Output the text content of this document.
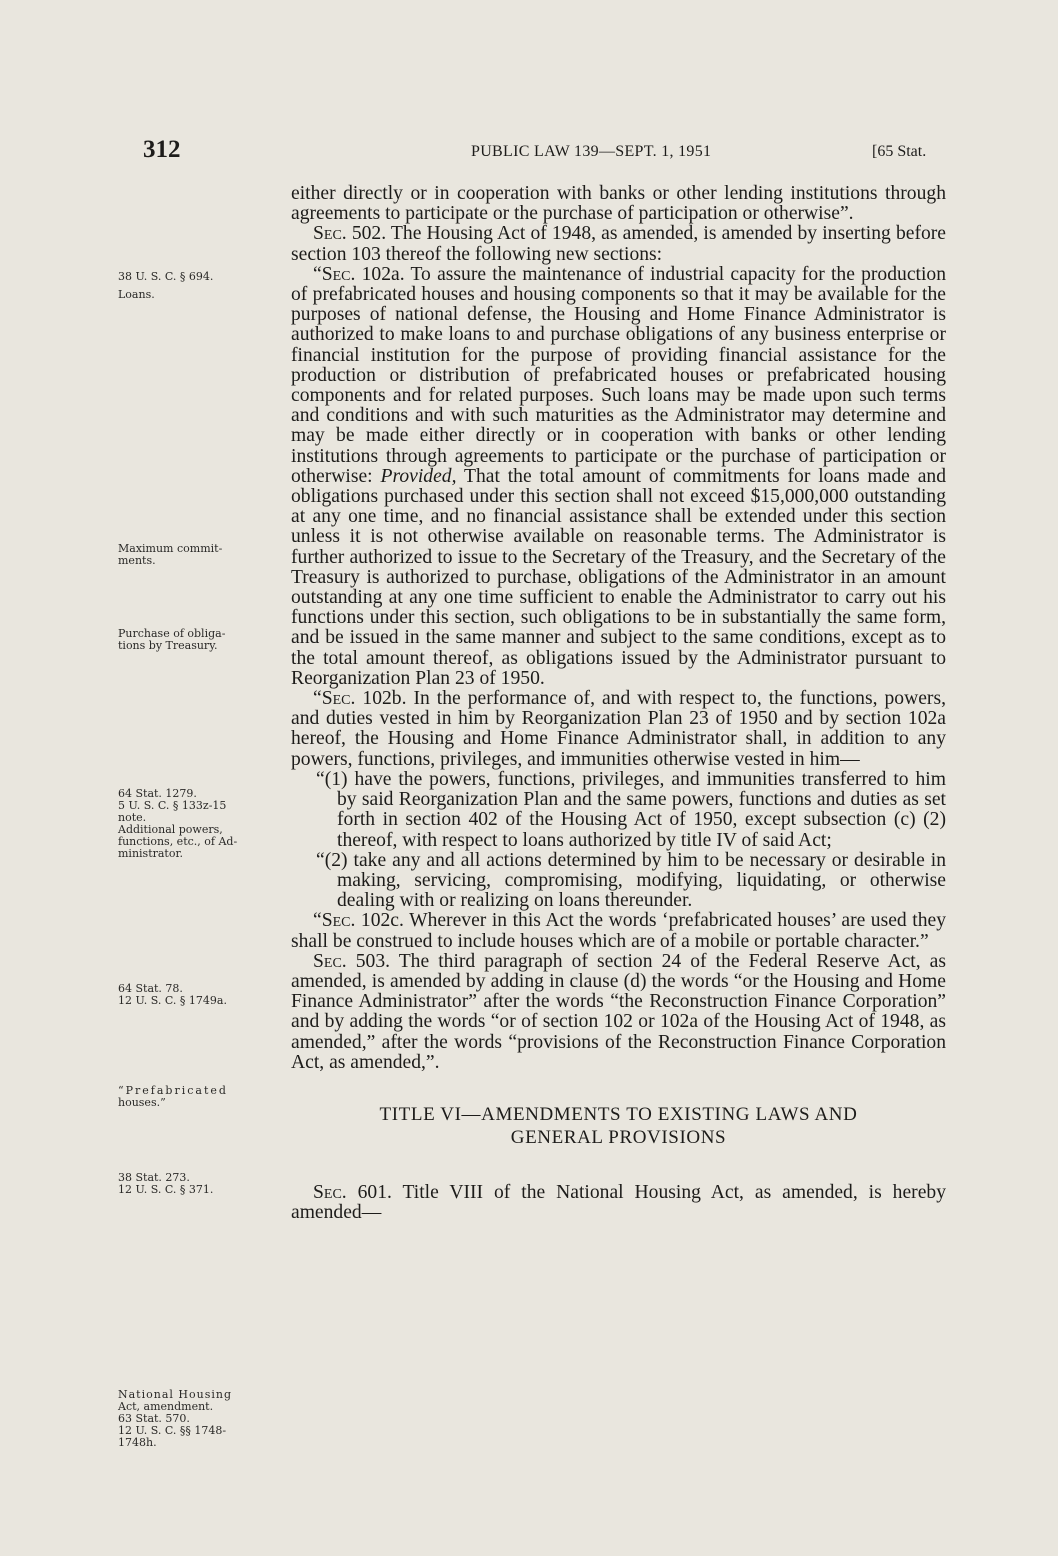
312	PUBLIC LAW 139—SEPT. 1, 1951	[65 Stat.
38 U. S. C. § 694.
Loans.
Maximum commit-
ments.
Purchase of obliga-
tions by Treasury.
64 Stat. 1279.
5 U. S. C. § 133z-15
note.
Additional powers,
functions, etc., of Ad-
ministrator.
64 Stat. 78.
12 U. S. C. § 1749a.
“Prefabricated
houses.”
38 Stat. 273.
12 U. S. C. § 371.
National Housing
Act, amendment.
63 Stat. 570.
12 U. S. C. §§ 1748-
1748h.

either directly or in cooperation with banks or other lending institutions through agreements to participate or the purchase of participation or otherwise”.

Sec. 502. The Housing Act of 1948, as amended, is amended by inserting before section 103 thereof the following new sections:

“Sec. 102a. To assure the maintenance of industrial capacity for the production of prefabricated houses and housing components so that it may be available for the purposes of national defense, the Housing and Home Finance Administrator is authorized to make loans to and purchase obligations of any business enterprise or financial institution for the purpose of providing financial assistance for the production or distribution of prefabricated houses or prefabricated housing components and for related purposes. Such loans may be made upon such terms and conditions and with such maturities as the Administrator may determine and may be made either directly or in cooperation with banks or other lending institutions through agreements to participate or the purchase of participation or otherwise: Provided, That the total amount of commitments for loans made and obligations purchased under this section shall not exceed $15,000,000 outstanding at any one time, and no financial assistance shall be extended under this section unless it is not otherwise available on reasonable terms. The Administrator is further authorized to issue to the Secretary of the Treasury, and the Secretary of the Treasury is authorized to purchase, obligations of the Administrator in an amount outstanding at any one time sufficient to enable the Administrator to carry out his functions under this section, such obligations to be in substantially the same form, and be issued in the same manner and subject to the same conditions, except as to the total amount thereof, as obligations issued by the Administrator pursuant to Reorganization Plan 23 of 1950.

“Sec. 102b. In the performance of, and with respect to, the functions, powers, and duties vested in him by Reorganization Plan 23 of 1950 and by section 102a hereof, the Housing and Home Finance Administrator shall, in addition to any powers, functions, privileges, and immunities otherwise vested in him—

“(1) have the powers, functions, privileges, and immunities transferred to him by said Reorganization Plan and the same powers, functions and duties as set forth in section 402 of the Housing Act of 1950, except subsection (c) (2) thereof, with respect to loans authorized by title IV of said Act;

“(2) take any and all actions determined by him to be necessary or desirable in making, servicing, compromising, modifying, liquidating, or otherwise dealing with or realizing on loans thereunder.

“Sec. 102c. Wherever in this Act the words ‘prefabricated houses’ are used they shall be construed to include houses which are of a mobile or portable character.”

Sec. 503. The third paragraph of section 24 of the Federal Reserve Act, as amended, is amended by adding in clause (d) the words “or the Housing and Home Finance Administrator” after the words “the Reconstruction Finance Corporation” and by adding the words “or of section 102 or 102a of the Housing Act of 1948, as amended,” after the words “provisions of the Reconstruction Finance Corporation Act, as amended,”.

TITLE VI—AMENDMENTS TO EXISTING LAWS AND
GENERAL PROVISIONS

Sec. 601. Title VIII of the National Housing Act, as amended, is hereby amended—
